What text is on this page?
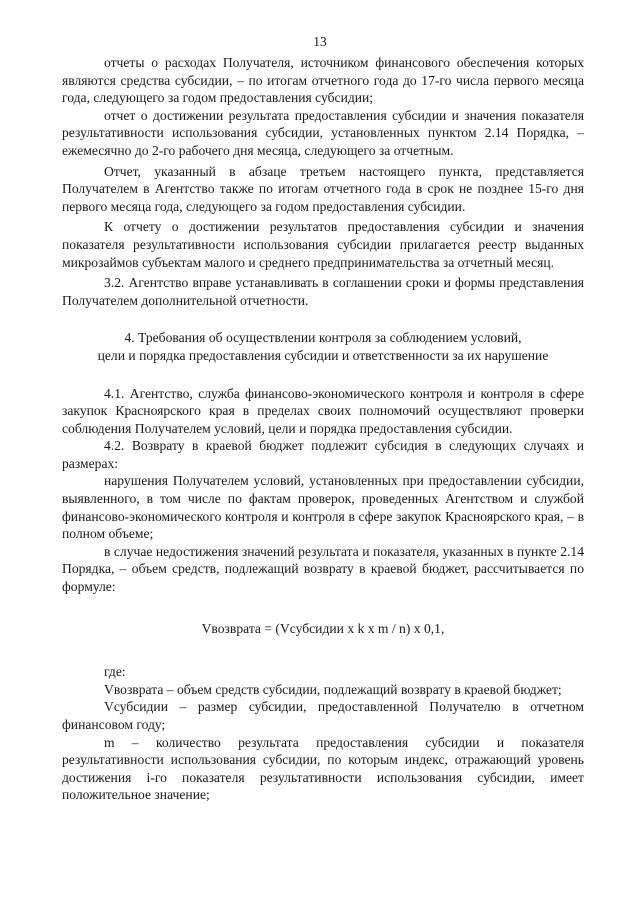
13

отчеты о расходах Получателя, источником финансового обеспечения которых являются средства субсидии, – по итогам отчетного года до 17-го числа первого месяца года, следующего за годом предоставления субсидии;

отчет о достижении результата предоставления субсидии и значения показателя результативности использования субсидии, установленных пунктом 2.14 Порядка, – ежемесячно до 2-го рабочего дня месяца, следующего за отчетным.

Отчет, указанный в абзаце третьем настоящего пункта, представляется Получателем в Агентство также по итогам отчетного года в срок не позднее 15-го дня первого месяца года, следующего за годом предоставления субсидии.

К отчету о достижении результатов предоставления субсидии и значения показателя результативности использования субсидии прилагается реестр выданных микрозаймов субъектам малого и среднего предпринимательства за отчетный месяц.

3.2. Агентство вправе устанавливать в соглашении сроки и формы представления Получателем дополнительной отчетности.

4. Требования об осуществлении контроля за соблюдением условий,
цели и порядка предоставления субсидии и ответственности за их нарушение

4.1. Агентство, служба финансово-экономического контроля и контроля в сфере закупок Красноярского края в пределах своих полномочий осуществляют проверки соблюдения Получателем условий, цели и порядка предоставления субсидии.

4.2. Возврату в краевой бюджет подлежит субсидия в следующих случаях и размерах:

нарушения Получателем условий, установленных при предоставлении субсидии, выявленного, в том числе по фактам проверок, проведенных Агентством и службой финансово-экономического контроля и контроля в сфере закупок Красноярского края, – в полном объеме;

в случае недостижения значений результата и показателя, указанных в пункте 2.14 Порядка, – объем средств, подлежащий возврату в краевой бюджет, рассчитывается по формуле:

Vвозврата = (Vсубсидии x k x m / n) x 0,1,

где:

Vвозврата – объем средств субсидии, подлежащий возврату в краевой бюджет;

Vсубсидии – размер субсидии, предоставленной Получателю в отчетном финансовом году;

m – количество результата предоставления субсидии и показателя результативности использования субсидии, по которым индекс, отражающий уровень достижения i-го показателя результативности использования субсидии, имеет положительное значение;
